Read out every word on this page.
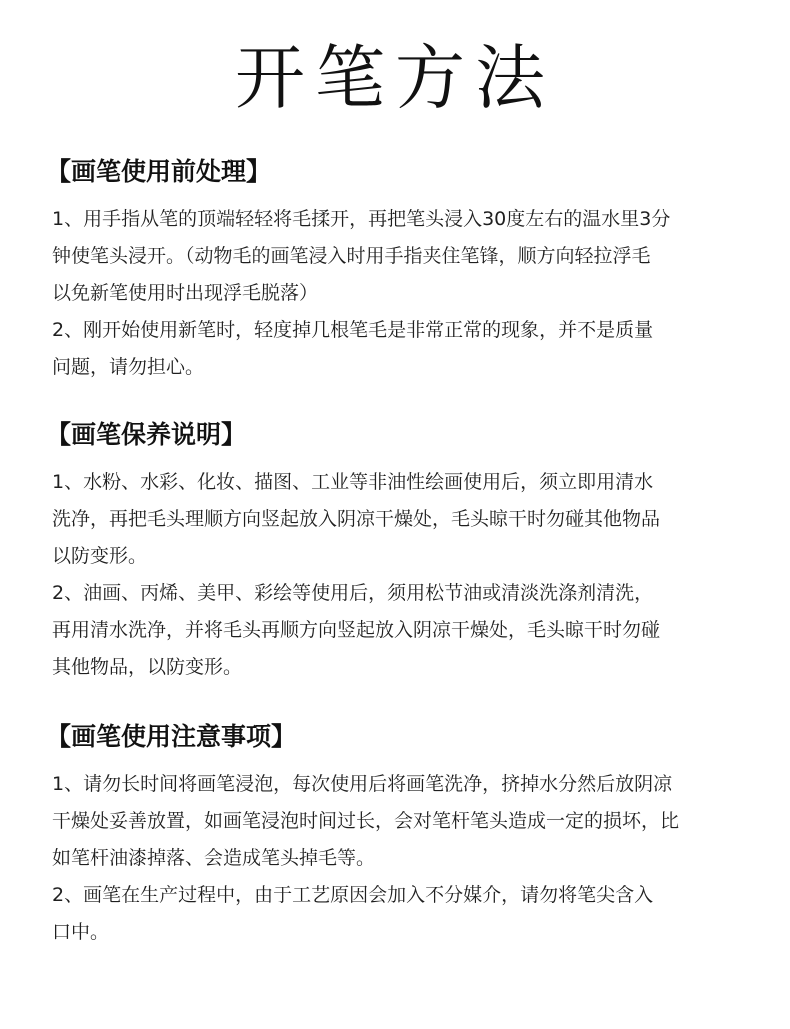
开笔方法
【画笔使用前处理】

1、用手指从笔的顶端轻轻将毛揉开，再把笔头浸入30度左右的温水里3分
钟使笔头浸开。（动物毛的画笔浸入时用手指夹住笔锋，顺方向轻拉浮毛
以免新笔使用时出现浮毛脱落）

2、刚开始使用新笔时，轻度掉几根笔毛是非常正常的现象，并不是质量
问题，请勿担心。

【画笔保养说明】

1、水粉、水彩、化妆、描图、工业等非油性绘画使用后，须立即用清水
洗净，再把毛头理顺方向竖起放入阴凉干燥处，毛头晾干时勿碰其他物品
以防变形。

2、油画、丙烯、美甲、彩绘等使用后，须用松节油或清淡洗涤剂清洗，
再用清水洗净，并将毛头再顺方向竖起放入阴凉干燥处，毛头晾干时勿碰
其他物品，以防变形。

【画笔使用注意事项】

1、请勿长时间将画笔浸泡，每次使用后将画笔洗净，挤掉水分然后放阴凉
干燥处妥善放置，如画笔浸泡时间过长，会对笔杆笔头造成一定的损坏，比
如笔杆油漆掉落、会造成笔头掉毛等。

2、画笔在生产过程中，由于工艺原因会加入不分媒介，请勿将笔尖含入
口中。
